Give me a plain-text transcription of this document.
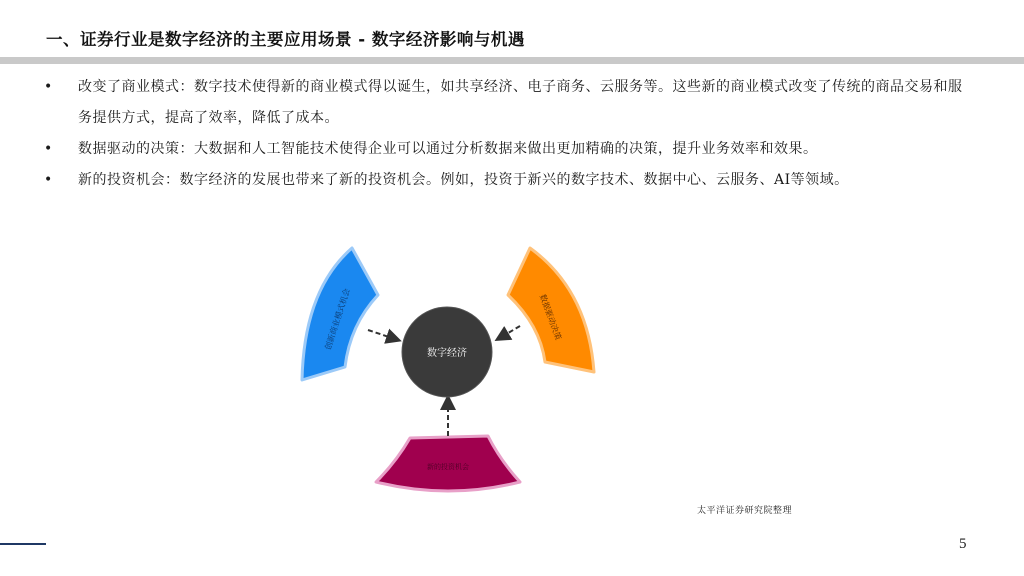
一、证券行业是数字经济的主要应用场景 - 数字经济影响与机遇

• 改变了商业模式：数字技术使得新的商业模式得以诞生，如共享经济、电子商务、云服务等。这些新的商业模式改变了传统的商品交易和服务提供方式，提高了效率，降低了成本。

• 数据驱动的决策：大数据和人工智能技术使得企业可以通过分析数据来做出更加精确的决策，提升业务效率和效果。

• 新的投资机会：数字经济的发展也带来了新的投资机会。例如，投资于新兴的数字技术、数据中心、云服务、AI等领域。

创新商业模式机会	数据驱动决策
新的投资机会
数字经济
太平洋证券研究院整理
5
